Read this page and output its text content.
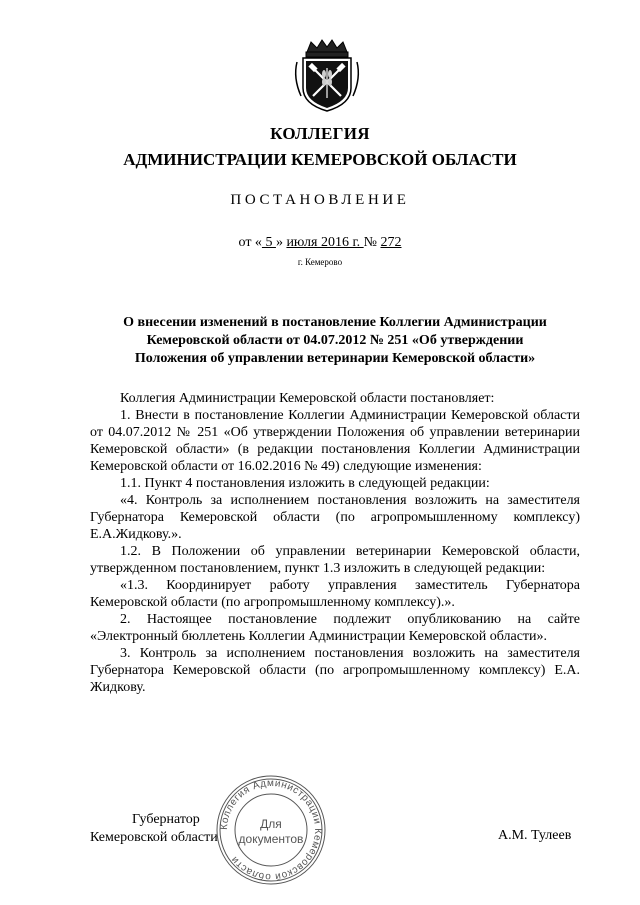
КОЛЛЕГИЯ
АДМИНИСТРАЦИИ КЕМЕРОВСКОЙ ОБЛАСТИ
ПОСТАНОВЛЕНИЕ
от « 5 » июля 2016 г. № 272
г. Кемерово
О внесении изменений в постановление Коллегии Администрации
Кемеровской области от 04.07.2012 № 251 «Об утверждении
Положения об управлении ветеринарии Кемеровской области»

Коллегия Администрации Кемеровской области постановляет:

1. Внести в постановление Коллегии Администрации Кемеровской области от 04.07.2012 № 251 «Об утверждении Положения об управлении ветеринарии Кемеровской области» (в редакции постановления Коллегии Администрации Кемеровской области от 16.02.2016 № 49) следующие изменения:

1.1. Пункт 4 постановления изложить в следующей редакции:

«4. Контроль за исполнением постановления возложить на заместителя Губернатора Кемеровской области (по агропромышленному комплексу) Е.А.Жидкову.».

1.2. В Положении об управлении ветеринарии Кемеровской области, утвержденном постановлением, пункт 1.3 изложить в следующей редакции:

«1.3. Координирует работу управления заместитель Губернатора Кемеровской области (по агропромышленному комплексу).».

2. Настоящее постановление подлежит опубликованию на сайте «Электронный бюллетень Коллегии Администрации Кемеровской области».

3. Контроль за исполнением постановления возложить на заместителя Губернатора Кемеровской области (по агропромышленному комплексу) Е.А. Жидкову.

Губернатор
Кемеровской области	А.М. Тулеев
Коллегия Администрации Кемеровской области
Для
документов
